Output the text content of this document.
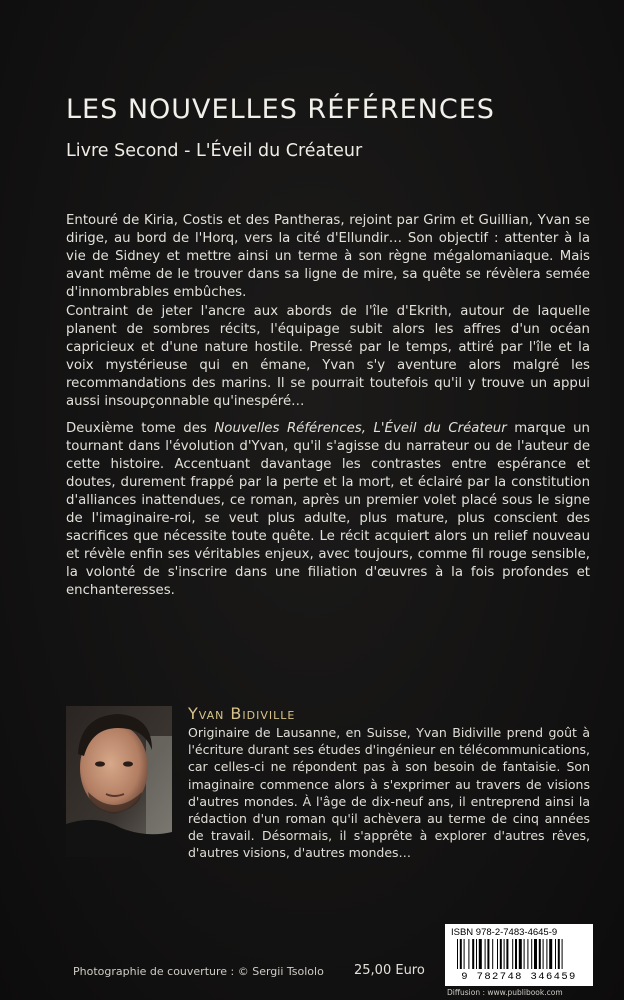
LES NOUVELLES RÉFÉRENCES

Livre Second - L'Éveil du Créateur

Entouré de Kiria, Costis et des Pantheras, rejoint par Grim et Guillian, Yvan se dirige, au bord de l'Horq, vers la cité d'Ellundir… Son objectif : attenter à la vie de Sidney et mettre ainsi un terme à son règne mégalomaniaque. Mais avant même de le trouver dans sa ligne de mire, sa quête se révèlera semée d'innombrables embûches.

Contraint de jeter l'ancre aux abords de l'île d'Ekrith, autour de laquelle planent de sombres récits, l'équipage subit alors les affres d'un océan capricieux et d'une nature hostile. Pressé par le temps, attiré par l'île et la voix mystérieuse qui en émane, Yvan s'y aventure alors malgré les recommandations des marins. Il se pourrait toutefois qu'il y trouve un appui aussi insoupçonnable qu'inespéré…

Deuxième tome des Nouvelles Références, L'Éveil du Créateur marque un tournant dans l'évolution d'Yvan, qu'il s'agisse du narrateur ou de l'auteur de cette histoire. Accentuant davantage les contrastes entre espérance et doutes, durement frappé par la perte et la mort, et éclairé par la constitution d'alliances inattendues, ce roman, après un premier volet placé sous le signe de l'imaginaire-roi, se veut plus adulte, plus mature, plus conscient des sacrifices que nécessite toute quête. Le récit acquiert alors un relief nouveau et révèle enfin ses véritables enjeux, avec toujours, comme fil rouge sensible, la volonté de s'inscrire dans une filiation d'œuvres à la fois profondes et enchanteresses.

Yvan Bidiville

Originaire de Lausanne, en Suisse, Yvan Bidiville prend goût à l'écriture durant ses études d'ingénieur en télécommunications, car celles-ci ne répondent pas à son besoin de fantaisie. Son imaginaire commence alors à s'exprimer au travers de visions d'autres mondes. À l'âge de dix-neuf ans, il entreprend ainsi la rédaction d'un roman qu'il achèvera au terme de cinq années de travail. Désormais, il s'apprête à explorer d'autres rêves, d'autres visions, d'autres mondes…

Photographie de couverture : © Sergii Tsololo 25,00 Euro
ISBN 978-2-7483-4645-9
9 782748 346459
Diffusion : www.publibook.com
